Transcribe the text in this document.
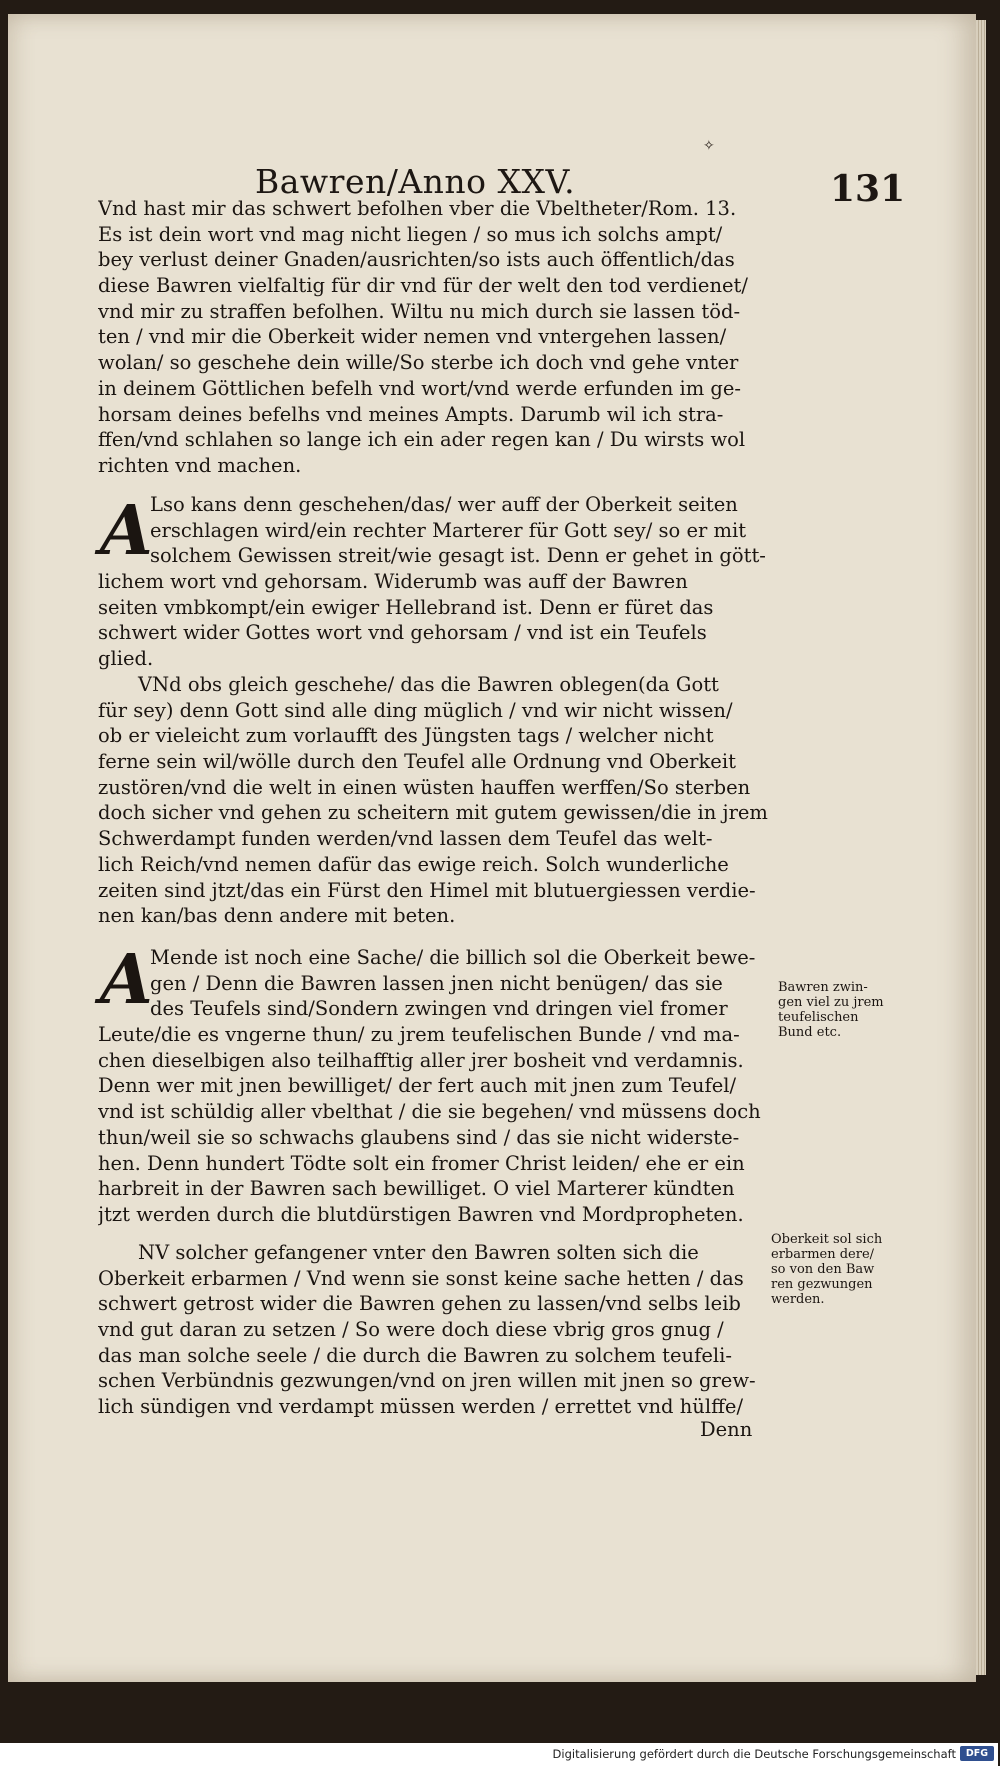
✧
Bawren/Anno XXV.	131
Vnd hast mir das schwert befolhen vber die Vbeltheter/Rom. 13.
Es ist dein wort vnd mag nicht liegen / so mus ich solchs ampt/
bey verlust deiner Gnaden/ausrichten/so ists auch öffentlich/das
diese Bawren vielfaltig für dir vnd für der welt den tod verdienet/
vnd mir zu straffen befolhen. Wiltu nu mich durch sie lassen töd-
ten / vnd mir die Oberkeit wider nemen vnd vntergehen lassen/
wolan/ so geschehe dein wille/So sterbe ich doch vnd gehe vnter
in deinem Göttlichen befelh vnd wort/vnd werde erfunden im ge-
horsam deines befelhs vnd meines Ampts. Darumb wil ich stra-
ffen/vnd schlahen so lange ich ein ader regen kan / Du wirsts wol
richten vnd machen.
A
Lso kans denn geschehen/das/ wer auff der Oberkeit seiten
erschlagen wird/ein rechter Marterer für Gott sey/ so er mit
solchem Gewissen streit/wie gesagt ist. Denn er gehet in gött-
lichem wort vnd gehorsam. Widerumb was auff der Bawren
seiten vmbkompt/ein ewiger Hellebrand ist. Denn er füret das
schwert wider Gottes wort vnd gehorsam / vnd ist ein Teufels
glied.
VNd obs gleich geschehe/ das die Bawren oblegen(da Gott
für sey) denn Gott sind alle ding müglich / vnd wir nicht wissen/
ob er vieleicht zum vorlaufft des Jüngsten tags / welcher nicht
ferne sein wil/wölle durch den Teufel alle Ordnung vnd Oberkeit
zustören/vnd die welt in einen wüsten hauffen werffen/So sterben
doch sicher vnd gehen zu scheitern mit gutem gewissen/die in jrem
Schwerdampt funden werden/vnd lassen dem Teufel das welt-
lich Reich/vnd nemen dafür das ewige reich. Solch wunderliche
zeiten sind jtzt/das ein Fürst den Himel mit blutuergiessen verdie-
nen kan/bas denn andere mit beten.
A
Mende ist noch eine Sache/ die billich sol die Oberkeit bewe-
gen / Denn die Bawren lassen jnen nicht benügen/ das sie
des Teufels sind/Sondern zwingen vnd dringen viel fromer
Leute/die es vngerne thun/ zu jrem teufelischen Bunde / vnd ma-
chen dieselbigen also teilhafftig aller jrer bosheit vnd verdamnis.
Denn wer mit jnen bewilliget/ der fert auch mit jnen zum Teufel/
vnd ist schüldig aller vbelthat / die sie begehen/ vnd müssens doch
thun/weil sie so schwachs glaubens sind / das sie nicht widerste-
hen. Denn hundert Tödte solt ein fromer Christ leiden/ ehe er ein
harbreit in der Bawren sach bewilliget. O viel Marterer kündten
jtzt werden durch die blutdürstigen Bawren vnd Mordpropheten.
NV solcher gefangener vnter den Bawren solten sich die
Oberkeit erbarmen / Vnd wenn sie sonst keine sache hetten / das
schwert getrost wider die Bawren gehen zu lassen/vnd selbs leib
vnd gut daran zu setzen / So were doch diese vbrig gros gnug /
das man solche seele / die durch die Bawren zu solchem teufeli-
schen Verbündnis gezwungen/vnd on jren willen mit jnen so grew-
lich sündigen vnd verdampt müssen werden / errettet vnd hülffe/
Denn
Bawren zwin-
gen viel zu jrem
teufelischen
Bund etc.
Oberkeit sol sich
erbarmen dere/
so von den Baw
ren gezwungen
werden.
Digitalisierung gefördert durch die Deutsche Forschungsgemeinschaft	DFG
